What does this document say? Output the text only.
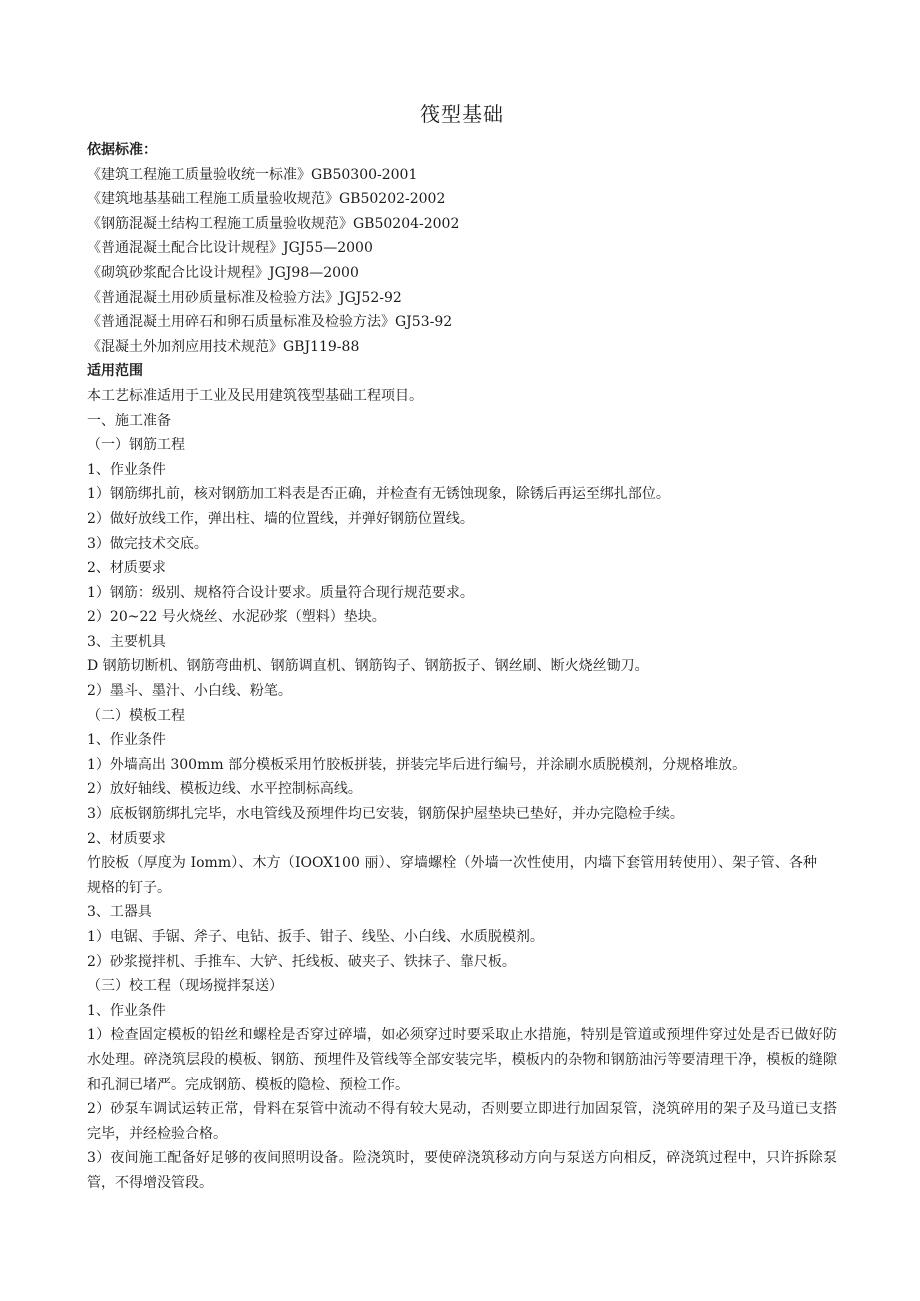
筏型基础
依据标准：
《建筑工程施工质量验收统一标准》GB50300-2001
《建筑地基基础工程施工质量验收规范》GB50202-2002
《钢筋混凝土结构工程施工质量验收规范》GB50204-2002
《普通混凝土配合比设计规程》JGJ55—2000
《砌筑砂浆配合比设计规程》JGJ98—2000
《普通混凝土用砂质量标准及检验方法》JGJ52-92
《普通混凝土用碎石和卵石质量标准及检验方法》GJ53-92
《混凝土外加剂应用技术规范》GBJ119-88
适用范围
本工艺标准适用于工业及民用建筑筏型基础工程项目。
一、施工准备
（一）钢筋工程
1、作业条件
1）钢筋绑扎前，核对钢筋加工料表是否正确，并检查有无锈蚀现象，除锈后再运至绑扎部位。
2）做好放线工作，弹出柱、墙的位置线，并弹好钢筋位置线。
3）做完技术交底。
2、材质要求
1）钢筋：级别、规格符合设计要求。质量符合现行规范要求。
2）20~22 号火烧丝、水泥砂浆（塑料）垫块。
3、主要机具
D 钢筋切断机、钢筋弯曲机、钢筋调直机、钢筋钩子、钢筋扳子、钢丝刷、断火烧丝锄刀。
2）墨斗、墨汁、小白线、粉笔。
（二）模板工程
1、作业条件
1）外墙高出 300mm 部分模板采用竹胶板拼装，拼装完毕后进行编号，并涂刷水质脱模剂，分规格堆放。
2）放好轴线、模板边线、水平控制标高线。
3）底板钢筋绑扎完毕，水电管线及预埋件均已安装，钢筋保护屋垫块已垫好，并办完隐检手续。
2、材质要求
竹胶板（厚度为 Iomm）、木方（IOOX100 丽）、穿墙螺栓（外墙一次性使用，内墙下套管用转使用）、架子管、各种规格的钉子。
3、工器具
1）电锯、手锯、斧子、电钻、扳手、钳子、线坠、小白线、水质脱模剂。
2）砂浆搅拌机、手推车、大铲、托线板、破夹子、铁抹子、靠尺板。
（三）校工程（现场搅拌泵送）
1、作业条件
1）检查固定模板的铅丝和螺栓是否穿过碎墙，如必须穿过时要采取止水措施，特别是管道或预埋件穿过处是否已做好防水处理。碎浇筑层段的模板、钢筋、预埋件及管线等全部安装完毕，模板内的杂物和钢筋油污等要清理干净，模板的缝隙和孔洞已堵严。完成钢筋、模板的隐检、预检工作。
2）砂泵车调试运转正常，骨料在泵管中流动不得有较大晃动，否则要立即进行加固泵管，浇筑碎用的架子及马道已支搭完毕，并经检验合格。
3）夜间施工配备好足够的夜间照明设备。险浇筑时，要使碎浇筑移动方向与泵送方向相反，碎浇筑过程中，只许拆除泵管，不得增没管段。
